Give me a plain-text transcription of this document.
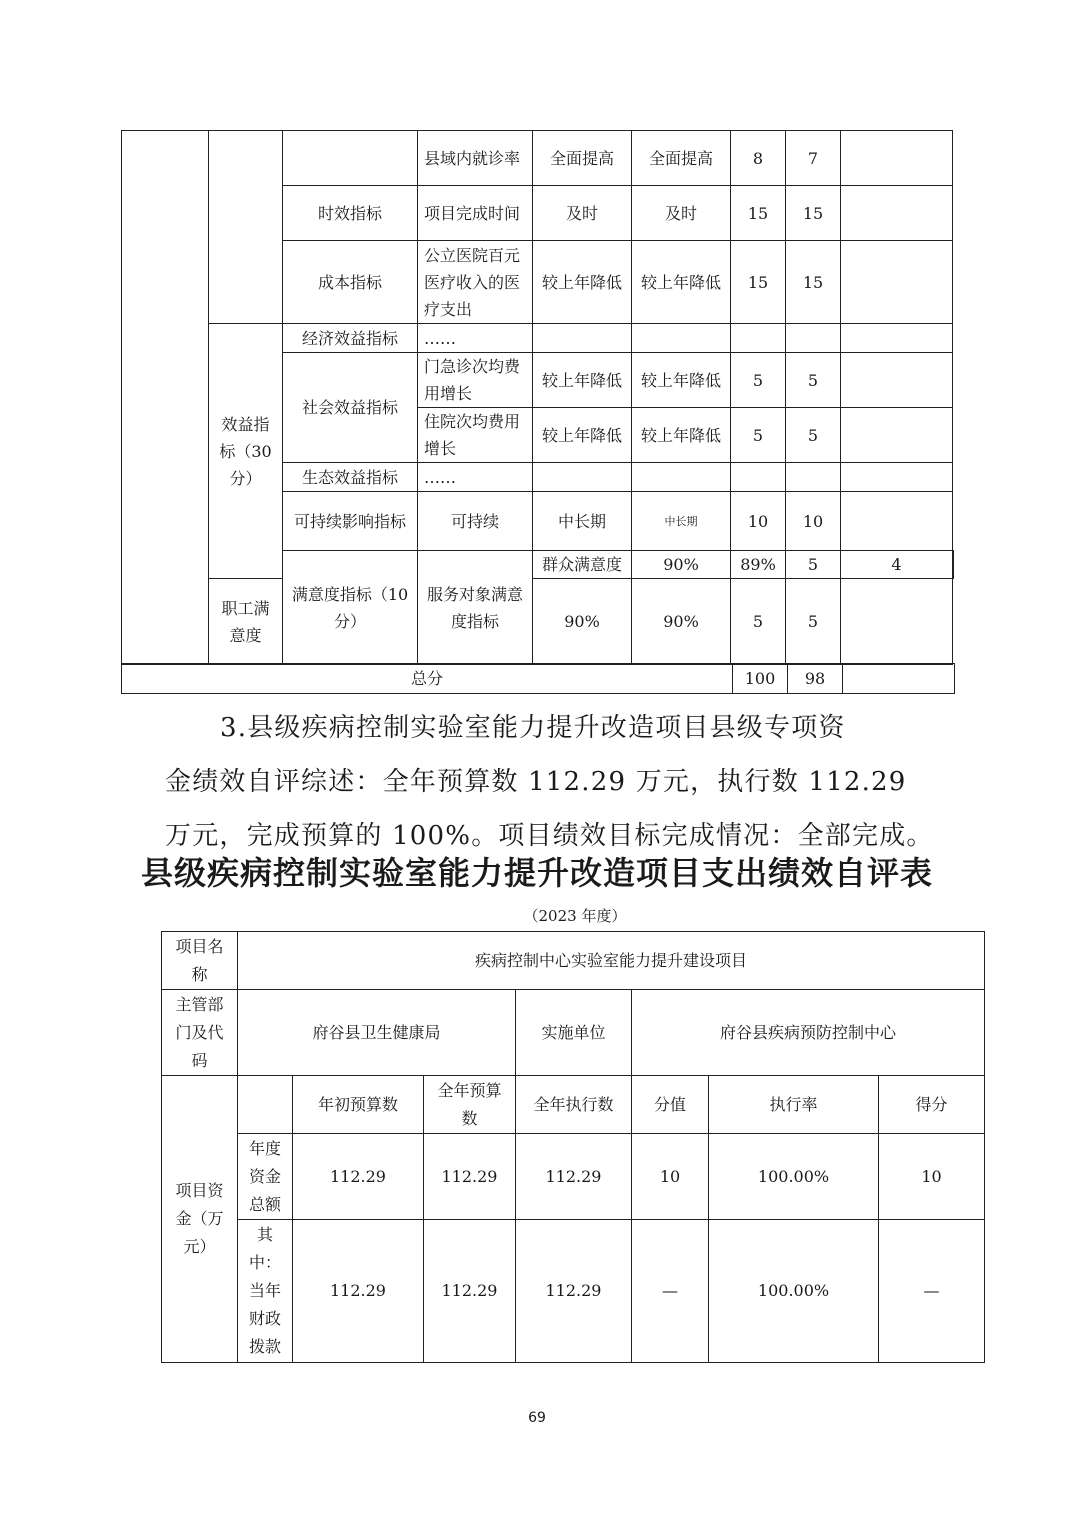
			县域内就诊率	全面提高	全面提高	8	7		
		时效指标	项目完成时间	及时	及时	15	15		
		成本指标	公立医院百元医疗收入的医疗支出	较上年降低	较上年降低	15	15		
	效益指标（30分）	经济效益指标	……						
		社会效益指标	门急诊次均费用增长	较上年降低	较上年降低	5	5		
			住院次均费用增长	较上年降低	较上年降低	5	5		
		生态效益指标	……						
		可持续影响指标	可持续	中长期	中长期	10	10		
		满意度指标（10分）	服务对象满意度指标	群众满意度	90%	89%	5	4	
	职工满意度			90%	90%	5	5		
总分	100	98	
3.县级疾病控制实验室能力提升改造项目县级专项资
金绩效自评综述：全年预算数 112.29 万元，执行数 112.29
万元，完成预算的 100%。项目绩效目标完成情况：全部完成。
县级疾病控制实验室能力提升改造项目支出绩效自评表
（2023 年度）
项目名称	疾病控制中心实验室能力提升建设项目						
主管部门及代码	府谷县卫生健康局			实施单位	府谷县疾病预防控制中心		
项目资金（万元）		年初预算数	全年预算数	全年执行数	分值	执行率	得分
	年度资金总额	112.29	112.29	112.29	10	100.00%	10
	其中：当年财政拨款	112.29	112.29	112.29	—	100.00%	—
69
